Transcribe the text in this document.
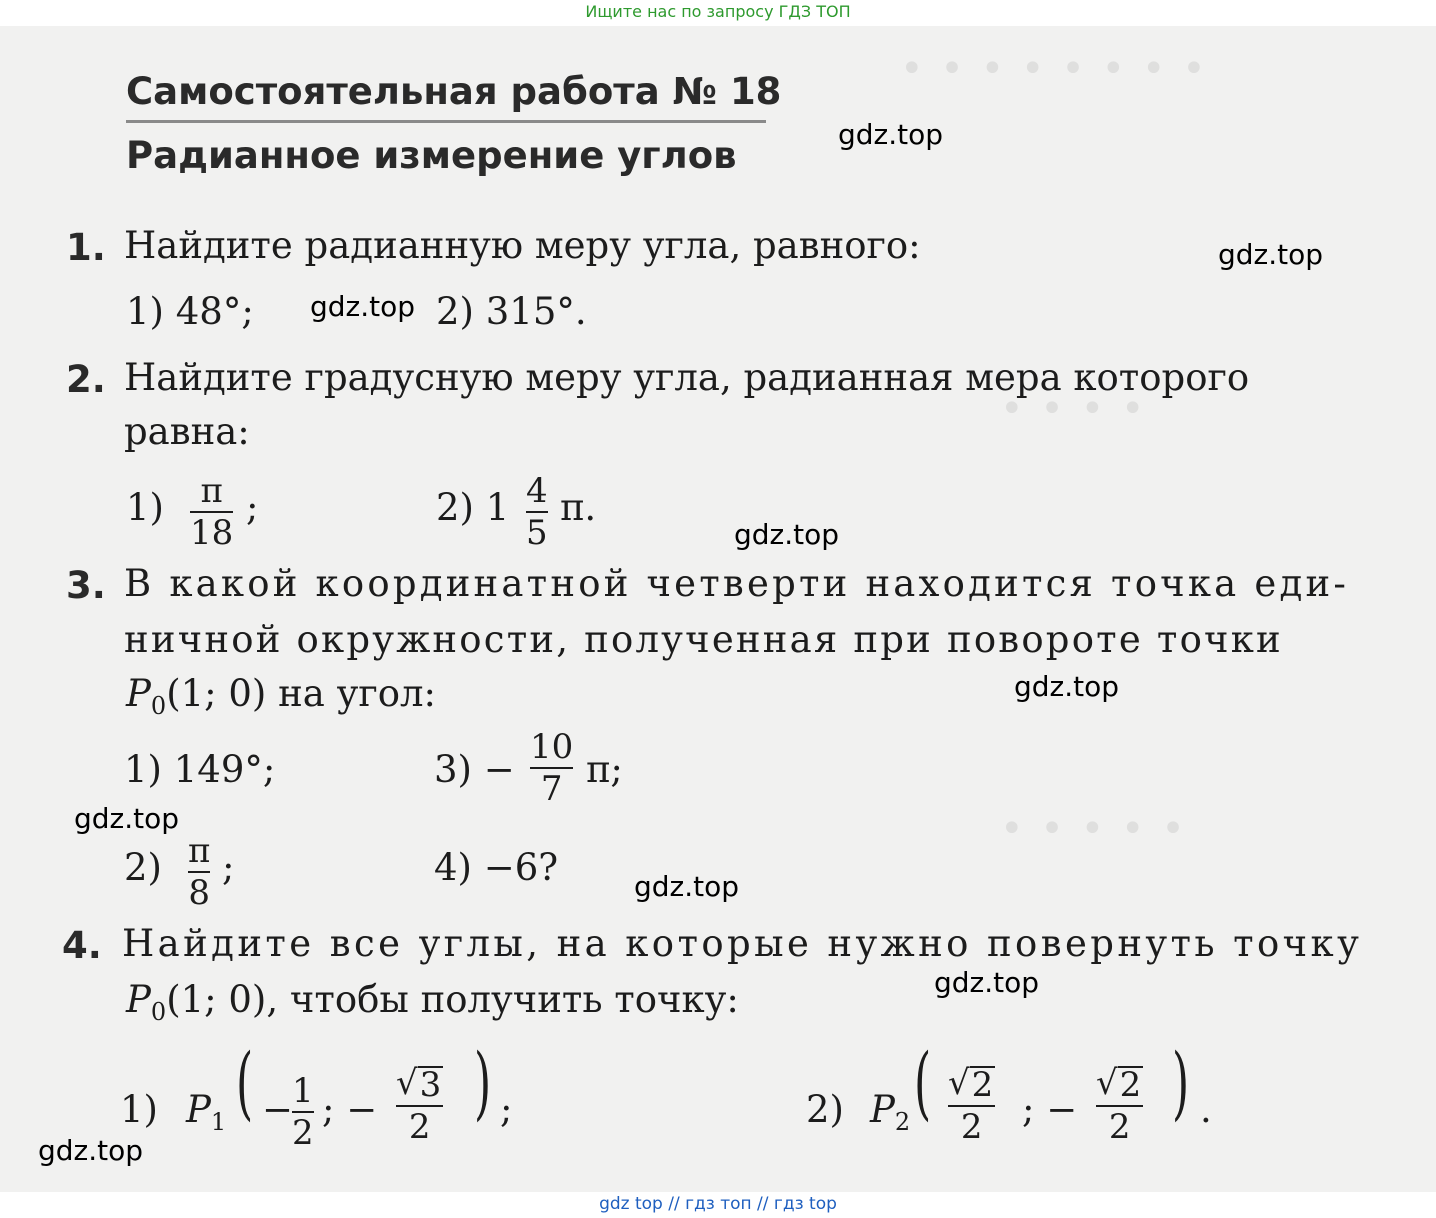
Ищите нас по запросу ГДЗ ТОП
• • • • • • • •
• • • •
• • • • •
Самостоятельная работа № 18
Радианное измерение углов
1. Найдите радианную меру угла, равного:
1) 48°;	2) 315°.
2. Найдите градусную меру угла, радианная мера которого
равна:
1) π
18
;	2) 1 4
5
π.
3. В какой координатной четверти находится точка еди-
ничной окружности, полученная при повороте точки
$P_0(1$; 0) на угол:
1) 149°;	3) −
10
7 π;
2) π
8
;	4) −6?
4. Найдите все углы, на которые нужно повернуть точку
$P_0(1$; 0), чтобы получить точку:
1) $P_1$ ( −
1
2
; −
√ 3
2 ) ;	2) $P_2$ ( √ 2
2 ; −
√ 2
2 ) .
gdz.top
gdz.top
gdz.top
gdz.top
gdz.top
gdz.top
gdz.top
gdz.top
gdz.top
gdz top // гдз топ // гдз top
